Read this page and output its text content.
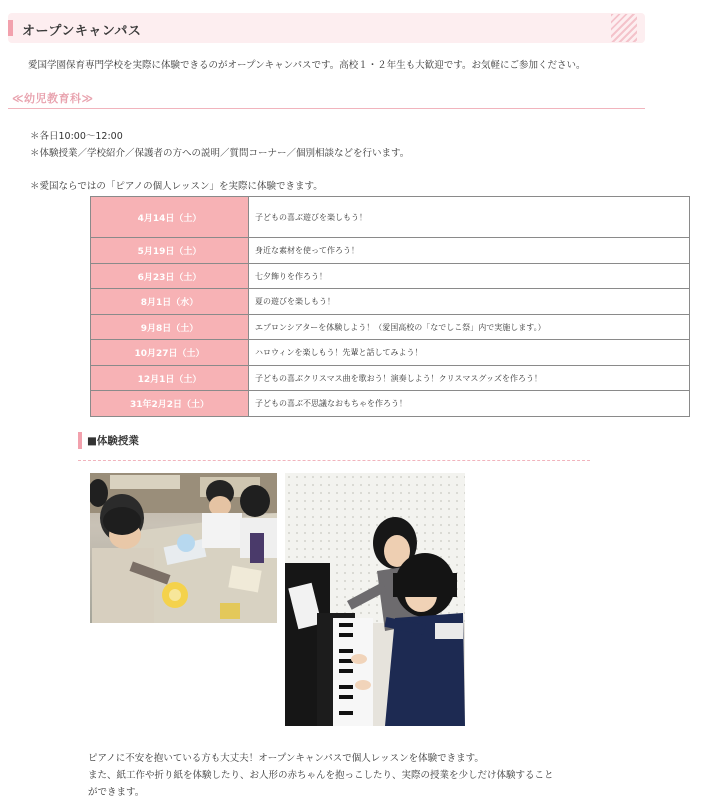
オープンキャンパス
愛国学園保育専門学校を実際に体験できるのがオープンキャンパスです。高校１・２年生も大歓迎です。お気軽にご参加ください。
≪幼児教育科≫
＊各日10:00〜12:00
＊体験授業／学校紹介／保護者の方への説明／質問コーナー／個別相談などを行います。
＊愛国ならではの「ピアノの個人レッスン」を実際に体験できます。
4月14日（土）	子どもの喜ぶ遊びを楽しもう！
5月19日（土）	身近な素材を使って作ろう！
6月23日（土）	七夕飾りを作ろう！
8月1日（水）	夏の遊びを楽しもう！
9月8日（土）	エプロンシアターを体験しよう！（愛国高校の「なでしこ祭」内で実施します。）
10月27日（土）	ハロウィンを楽しもう！先輩と話してみよう！
12月1日（土）	子どもの喜ぶクリスマス曲を歌おう！演奏しよう！クリスマスグッズを作ろう！
31年2月2日（土）	子どもの喜ぶ不思議なおもちゃを作ろう！
■体験授業
ピアノに不安を抱いている方も大丈夫！オープンキャンパスで個人レッスンを体験できます。
また、紙工作や折り紙を体験したり、お人形の赤ちゃんを抱っこしたり、実際の授業を少しだけ体験すること
ができます。
